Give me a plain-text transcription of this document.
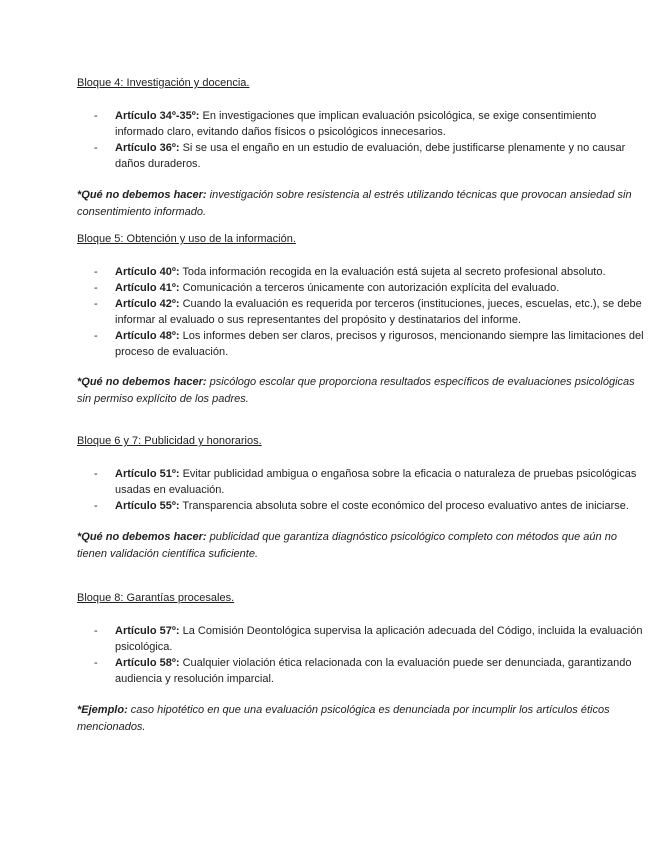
Bloque 4: Investigación y docencia.

- Artículo 34º-35º: En investigaciones que implican evaluación psicológica, se exige consentimiento informado claro, evitando daños físicos o psicológicos innecesarios.
- Artículo 36º: Si se usa el engaño en un estudio de evaluación, debe justificarse plenamente y no causar daños duraderos.

*Qué no debemos hacer: investigación sobre resistencia al estrés utilizando técnicas que provocan ansiedad sin consentimiento informado.

Bloque 5: Obtención y uso de la información.

- Artículo 40º: Toda información recogida en la evaluación está sujeta al secreto profesional absoluto.
- Artículo 41º: Comunicación a terceros únicamente con autorización explícita del evaluado.
- Artículo 42º: Cuando la evaluación es requerida por terceros (instituciones, jueces, escuelas, etc.), se debe informar al evaluado o sus representantes del propósito y destinatarios del informe.
- Artículo 48º: Los informes deben ser claros, precisos y rigurosos, mencionando siempre las limitaciones del proceso de evaluación.

*Qué no debemos hacer: psicólogo escolar que proporciona resultados específicos de evaluaciones psicológicas sin permiso explícito de los padres.

Bloque 6 y 7: Publicidad y honorarios.

- Artículo 51º: Evitar publicidad ambigua o engañosa sobre la eficacia o naturaleza de pruebas psicológicas usadas en evaluación.
- Artículo 55º: Transparencia absoluta sobre el coste económico del proceso evaluativo antes de iniciarse.

*Qué no debemos hacer: publicidad que garantiza diagnóstico psicológico completo con métodos que aún no tienen validación científica suficiente.

Bloque 8: Garantías procesales.

- Artículo 57º: La Comisión Deontológica supervisa la aplicación adecuada del Código, incluida la evaluación psicológica.
- Artículo 58º: Cualquier violación ética relacionada con la evaluación puede ser denunciada, garantizando audiencia y resolución imparcial.

*Ejemplo: caso hipotético en que una evaluación psicológica es denunciada por incumplir los artículos éticos mencionados.
